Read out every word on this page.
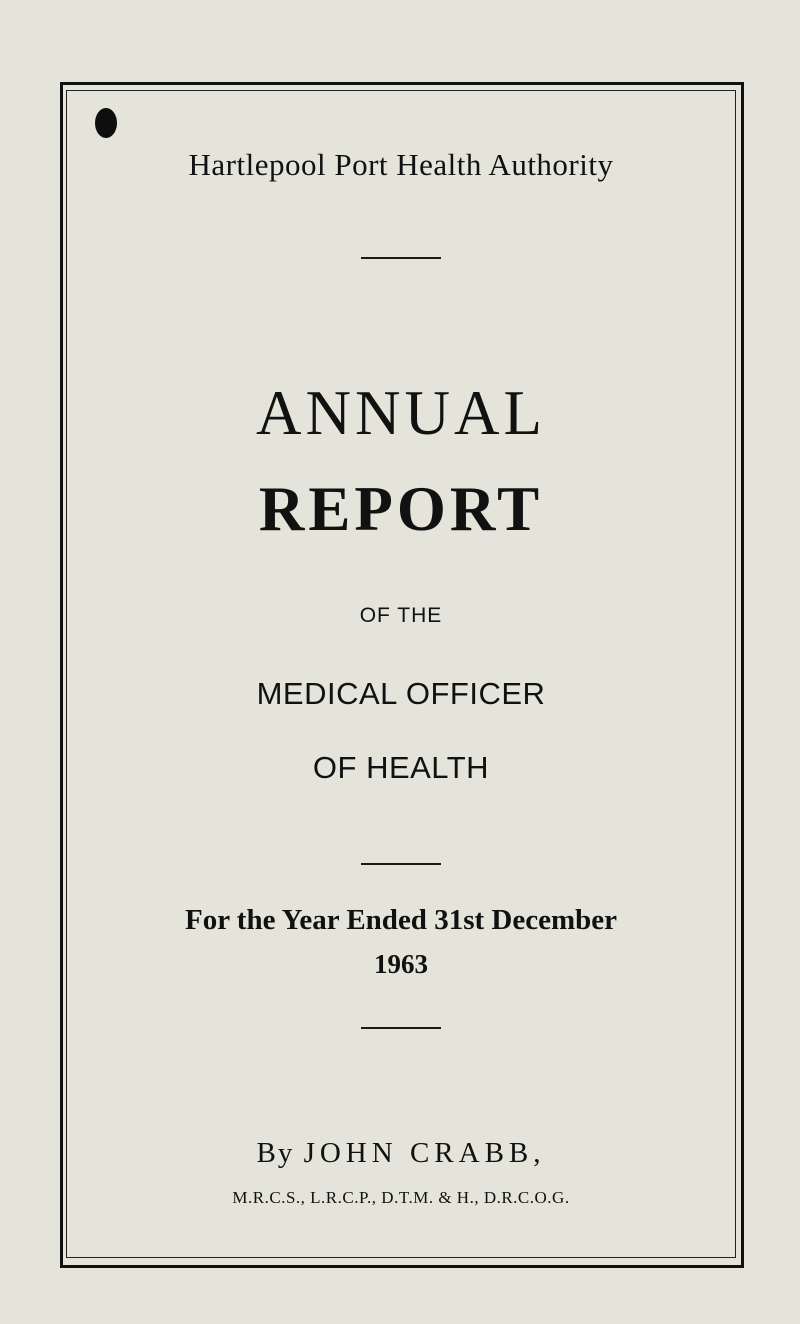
Hartlepool Port Health Authority
ANNUAL
REPORT
OF THE
MEDICAL OFFICER
OF HEALTH
For the Year Ended 31st December
1963
By JOHN CRABB,
M.R.C.S., L.R.C.P., D.T.M. & H., D.R.C.O.G.
